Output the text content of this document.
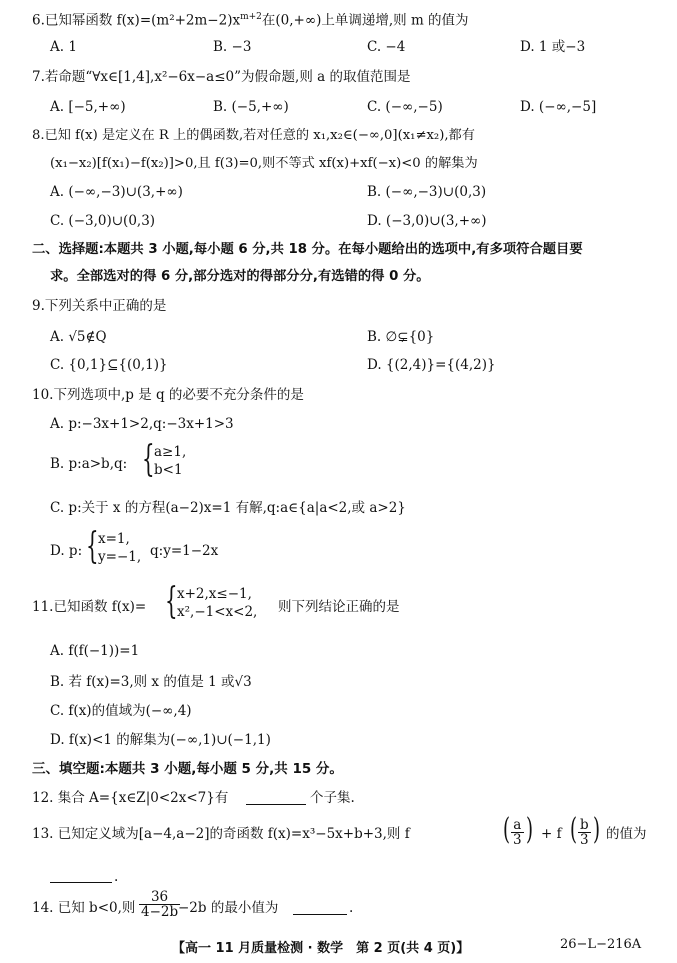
6.已知幂函数 $f(x)=(m^2+2m-2)x^{m+2}$在(0,+∞)上单调递增,则 m 的值为
A. 1	B. −3	C. −4	D. 1 或−3
7.若命题“∀x∈[1,4],x²−6x−a≤0”为假命题,则 a 的取值范围是
A. [−5,+∞)	B. (−5,+∞)	C. (−∞,−5)	D. (−∞,−5]
8.已知 f(x) 是定义在 R 上的偶函数,若对任意的 x₁,x₂∈(−∞,0](x₁≠x₂),都有
(x₁−x₂)[f(x₁)−f(x₂)]>0,且 f(3)=0,则不等式 xf(x)+xf(−x)<0 的解集为
A. (−∞,−3)∪(3,+∞)	B. (−∞,−3)∪(0,3)
C. (−3,0)∪(0,3)	D. (−3,0)∪(3,+∞)
二、选择题:本题共 3 小题,每小题 6 分,共 18 分。在每小题给出的选项中,有多项符合题目要
求。全部选对的得 6 分,部分选对的得部分分,有选错的得 0 分。
9.下列关系中正确的是
A. √5∉Q	B. ∅⊊{0}
C. {0,1}⊆{(0,1)}	D. {(2,4)}={(4,2)}
10.下列选项中,p 是 q 的必要不充分条件的是
A. p:−3x+1>2,q:−3x+1>3
B. p:a>b,q: { a≥1,
b<1
C. p:关于 x 的方程(a−2)x=1 有解,q:a∈{a|a<2,或 a>2}
D. p: { x=1,
y=−1, q:y=1−2x
11.已知函数 f(x)= { x+2,x≤−1,
x²,−1<x<2, 则下列结论正确的是
A. f(f(−1))=1
B. 若 f(x)=3,则 x 的值是 1 或√3
C. f(x)的值域为(−∞,4)
D. f(x)<1 的解集为(−∞,1)∪(−1,1)
三、填空题:本题共 3 小题,每小题 5 分,共 15 分。
12. 集合 A={x∈Z|0<2x<7}有	个子集.
13. 已知定义域为[a−4,a−2]的奇函数 f(x)=x³−5x+b+3,则 f	( $\frac{a}{3}$ ) + f ( $\frac{b}{3}$ ) 的值为
.
14. 已知 b<0,则 $\frac{36}{4-2b}$
−2b 的最小值为	.
【高一 11 月质量检测 · 数学　第 2 页(共 4 页)】	26−L−216A
